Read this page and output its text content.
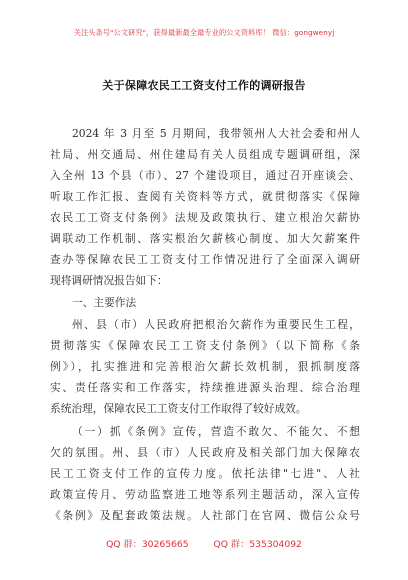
关注头条号"公文研究"，获得最新最全最专业的公文资料库！ 微信：gongwenyj
关于保障农民工工资支付工作的调研报告
2024 年 3 月至 5 月期间，我带领州人大社会委和州人
社局、州交通局、州住建局有关人员组成专题调研组，深
入全州 13 个县（市）、27 个建设项目，通过召开座谈会、
听取工作汇报、查阅有关资料等方式，就贯彻落实《保障
农民工工资支付条例》法规及政策执行、建立根治欠薪协
调联动工作机制、落实根治欠薪核心制度、加大欠薪案件
查办等保障农民工工资支付工作情况进行了全面深入调研
现将调研情况报告如下：
一、主要作法
州、县（市）人民政府把根治欠薪作为重要民生工程，
贯彻落实《保障农民工工资支付条例》（以下简称《条
例》），扎实推进和完善根治欠薪长效机制，狠抓制度落
实、责任落实和工作落实，持续推进源头治理、综合治理
系统治理，保障农民工工资支付工作取得了较好成效。
（一）抓《条例》宣传，营造不敢欠、不能欠、不想
欠的氛围。州、县（市）人民政府及相关部门加大保障农
民工工资支付工作的宣传力度。依托法律"七进"、人社
政策宣传月、劳动监察进工地等系列主题活动，深入宣传
《条例》及配套政策法规。人社部门在官网、微信公众号
QQ 群：30265665	QQ 群：535304092
